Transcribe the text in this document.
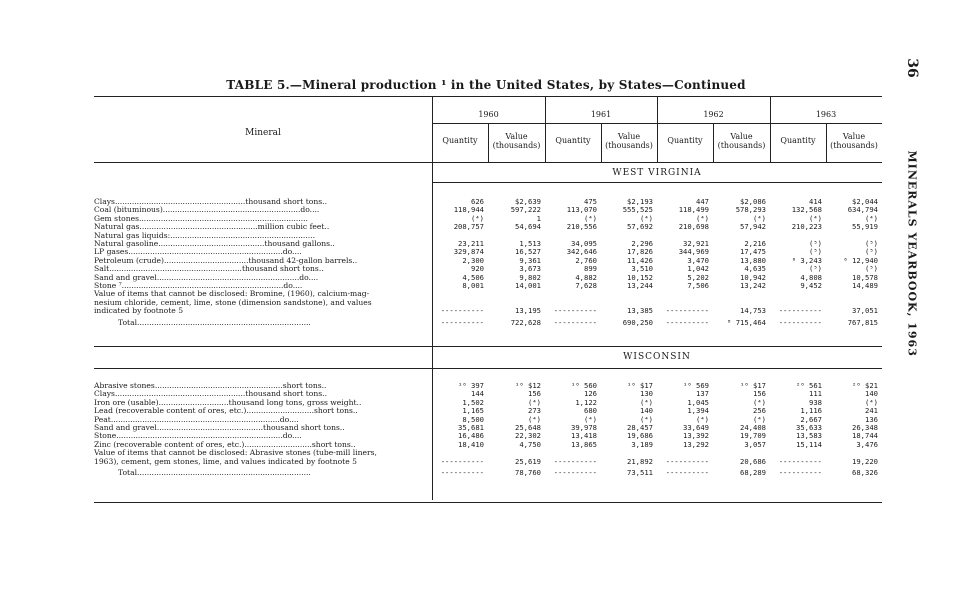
TABLE 5.—Mineral production ¹ in the United States, by States—Continued
36
MINERALS YEARBOOK, 1963
Mineral
1960	1961	1962	1963
Quantity	Value (thousands)
Quantity	Value (thousands)
Quantity	Value (thousands)
Quantity	Value (thousands)
WEST VIRGINIA
Clays......................................................thousand short tons..	626	$2,639	475	$2,193	447	$2,086	414	$2,044
Coal (bituminous).........................................................do....	118,944	597,222	113,070	555,525	118,499	578,293	132,568	634,794
Gem stones......................................................................	(⁴)	1	(⁴)	(⁴)	(⁴)	(⁴)	(⁴)	(⁴)
Natural gas.................................................million cubic feet..	208,757	54,694	210,556	57,692	210,698	57,942	210,223	55,919
Natural gas liquids:............................................................								
Natural gasoline............................................thousand gallons..	23,211	1,513	34,095	2,296	32,921	2,216	(⁵)	(⁵)
LP gases................................................................do....	329,874	16,527	342,646	17,826	344,969	17,475	(⁵)	(⁵)
Petroleum (crude)...................................thousand 42-gallon barrels..	2,300	9,361	2,760	11,426	3,470	13,880	⁶ 3,243	⁶ 12,940
Salt.......................................................thousand short tons..	920	3,673	899	3,510	1,042	4,635	(⁵)	(⁵)
Sand and gravel...........................................................do....	4,506	9,802	4,882	10,152	5,202	10,942	4,808	10,578
Stone ⁷...................................................................do....	8,001	14,001	7,628	13,244	7,506	13,242	9,452	14,489
Value of items that cannot be disclosed: Bromine, (1960), calcium-mag-								
nesium chloride, cement, lime, stone (dimension sandstone), and values								
indicated by footnote 5	----------	13,195	----------	13,385	----------	14,753	----------	37,051
Total........................................................................	----------	722,628	----------	690,250	----------	⁸ 715,464	----------	767,815
WISCONSIN
Abrasive stones.....................................................short tons..	¹⁰ 397	¹⁰ $12	¹⁰ 560	¹⁰ $17	¹⁰ 569	¹⁰ $17	²⁰ 561	²⁰ $21
Clays......................................................thousand short tons..	144	156	126	130	137	156	111	140
Iron ore (usable).............................thousand long tons, gross weight..	1,502	(⁴)	1,122	(⁴)	1,045	(⁴)	938	(⁴)
Lead (recoverable content of ores, etc.)............................short tons..	1,165	273	680	140	1,394	256	1,116	241
Peat......................................................................do....	8,500	(⁴)	(⁴)	(⁴)	(⁴)	(⁴)	2,667	136
Sand and gravel............................................thousand short tons..	35,681	25,648	39,978	28,457	33,649	24,408	35,633	26,348
Stone.....................................................................do....	16,486	22,302	13,418	19,686	13,392	19,709	13,583	18,744
Zinc (recoverable content of ores, etc.)............................short tons..	18,410	4,750	13,865	3,189	13,292	3,057	15,114	3,476
Value of items that cannot be disclosed: Abrasive stones (tube-mill liners,								
1963), cement, gem stones, lime, and values indicated by footnote 5	----------	25,619	----------	21,892	----------	20,686	----------	19,220
Total........................................................................	----------	78,760	----------	73,511	----------	68,289	----------	68,326
